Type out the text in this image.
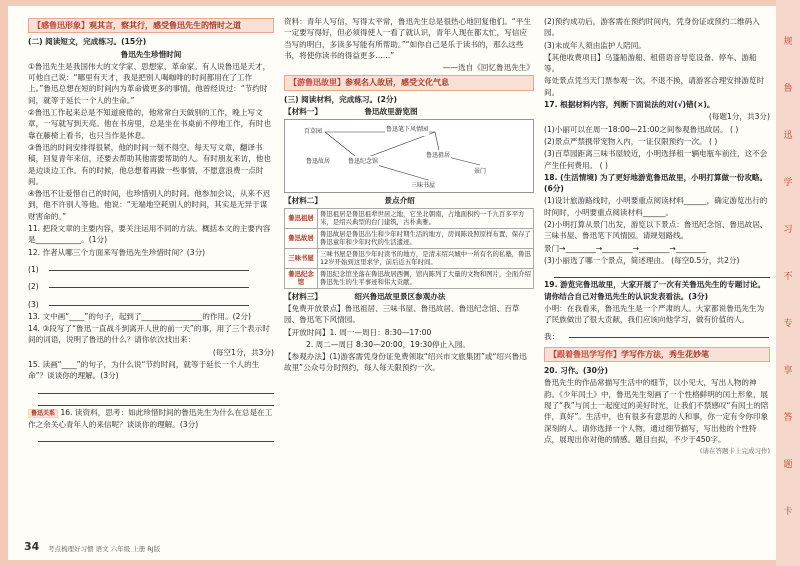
【感鲁迅形象】观其言，察其行，感受鲁迅先生的惜时之道

(二) 阅读短文，完成练习。(15分)

鲁迅先生珍惜时间

①鲁迅先生是我国伟大的文学家、思想家、革命家。有人说鲁迅是天才，可他自己说：“哪里有天才，我是把别人喝咖啡的时间都用在了工作上。”鲁迅总想在短的时间内为革命做更多的事情。他曾经说过：“节约时间，就等于延长一个人的生命。”

②鲁迅工作起来总是不知道疲倦的，他常常白天做别的工作，晚上写文章，一写就写到天亮。他在书房里，总是坐在书桌前不停地工作，有时也靠在藤椅上看书，也只当作是休息。

③鲁迅的时间安排得很紧，他的时间一刻不得空。每天写文章，翻译书稿，回复青年来信，还要去帮助其他需要帮助的人。有时朋友来访，他也是边谈边工作。有的时候，他总想着再做一些事情，不愿意浪费一点时间。

④鲁迅不让爱惜自己的时间，也珍惜别人的时间。他参加会议，从来不迟到，他不许别人等他。他说：“无端地空耗别人的时间，其实是无异于谋财害命的。”

11. 把段文章的主要内容，要关注运用不同的方法。概括本文的主要内容是____________。(1分)

12. 作者从哪三个方面来写鲁迅先生珍惜时间？(3分)

(1)

(2)

(3)

13. 文中画“____”的句子，起到了________________的作用。(2分)

14. ③段写了“鲁迅一直战斗到离开人世的前一天”的事，用了三个表示时间的词语，说明了鲁迅的什么？请你依次找出来：

(每空1分，共3分)

15. 读画“____”的句子，为什么说“节约时间，就等于延长一个人的生命”？谈谈你的理解。(3分)

鲁迅关系 16. 读资料，思考：如此珍惜时间的鲁迅先生为什么在总是在工作之余关心青年人的来信呢？谈谈你的理解。(3分)

资料：青年人写信，写得太平常，鲁迅先生总是很热心地回复他们。“平生一定要写得好，但必须得使人一看了就认识，青年人现在都太忙，写信应当写的明白，多读多写能有所帮助。”“如你自己是乐于读书的，那么这些书，将使你读书的得益更多……”

——选自《回忆鲁迅先生》

【游鲁迅故里】参观名人故居，感受文化气息

(三) 阅读材料，完成练习。(2分)

【材料一】	鲁迅故里游览图

百草园	鲁迅笔下风情园
鲁迅故居	鲁迅纪念馆
鲁迅祖居
三味书屋
景门

【材料二】	景点介绍

鲁迅祖居	鲁迅祖居是鲁迅祖辈世居之地，它坐北朝南，占地面积约一千九百多平方米，是绍兴典型的台门建筑，古朴典雅。
鲁迅故居	鲁迅故居是鲁迅出生和少年时期生活的地方，房间陈设照原样布置，保存了鲁迅童年和少年时代的生活遗迹。
三味书屋	三味书屋是鲁迅少年时读书的地方，是清末绍兴城中一所有名的私塾，鲁迅12岁开始到这里求学，前后近五年时间。
鲁迅纪念馆	鲁迅纪念馆坐落在鲁迅故居西侧，馆内陈列了大量的文物和图片，全面介绍鲁迅先生的生平事迹和伟大贡献。

【材料三】	绍兴鲁迅故里景区参观办法

【免费开放景点】鲁迅祖居、三味书屋、鲁迅故居、鲁迅纪念馆、百草园、鲁迅笔下风情园。

【开放时间】1. 周一—周日：8:30—17:00

2. 周二—周日 8:30—20:00，19:30停止入园。

【参观办法】(1)游客需凭身份证免费领取“绍兴市文旅集团”或“绍兴鲁迅故里”公众号分时预约，每人每天限预约一次。

(2)预约成功后，游客需在预约时间内，凭身份证或预约二维码入园。

(3)未成年人须由监护人陪同。

【其他收费项目】乌篷船游船、租借语音导览设备、停车、游船等。

每处景点凭当天门票参观一次，不退不换，请游客合理安排游览时间。

17. 根据材料内容，判断下面说法的对(√)错(×)。

(每题1分，共3分)

(1)小丽可以在周一18:00—21:00之间参观鲁迅故居。 ( )

(2)景点严禁携带宠物入内，一证仅限预约一次。 ( )

(3)百草园距离三味书屋较近，小明选择租一辆电瓶车前往，这不会产生任何费用。 ( )

18. (生活情境) 为了更好地游览鲁迅故里，小明打算做一份攻略。(6分)

(1)设计旅游路线时，小明要重点阅读材料______，确定游览出行的时间时，小明要重点阅读材料______。

(2)小明打算从景门出发，游览以下景点：鲁迅纪念馆、鲁迅故居、三味书屋、鲁迅笔下风情园。请规划路线。

景门→________→________→________→________

(3)小丽选了哪一个景点，简述理由。 (每空0.5分，共2分)

19. 游览完鲁迅故里，大家开展了一次有关鲁迅先生的专题讨论。请你结合自己对鲁迅先生的认识发表看法。(3分)

小明：在我看来，鲁迅先生是一个严肃的人。大家都说鲁迅先生为了民族做出了很大贡献，我们应该向他学习，做有价值的人。

我：

【跟着鲁迅学写作】学写作方法，秀生花妙笔

20. 习作。(30分)

鲁迅先生的作品常描写生活中的细节，以小见大，写出人物的神韵。《少年闰土》中，鲁迅先生刻画了一个性格鲜明的闰土形象，展现了“我”与闰土一起度过的美好时光，让我们不禁感叹“有闰土的陪伴，真好”。生活中，也有很多有意思的人和事，你一定有令你印象深刻的人。请你选择一个人物，通过细节描写，写出他的个性特点，展现出你对他的情感。题目自拟，不少于450字。

(请在答题卡上完成习作)

规
鲁
迅
学
习
不
专
享
答
题
卡
34 考点梳理好习惯 语文 六年级 上册 RJ版
